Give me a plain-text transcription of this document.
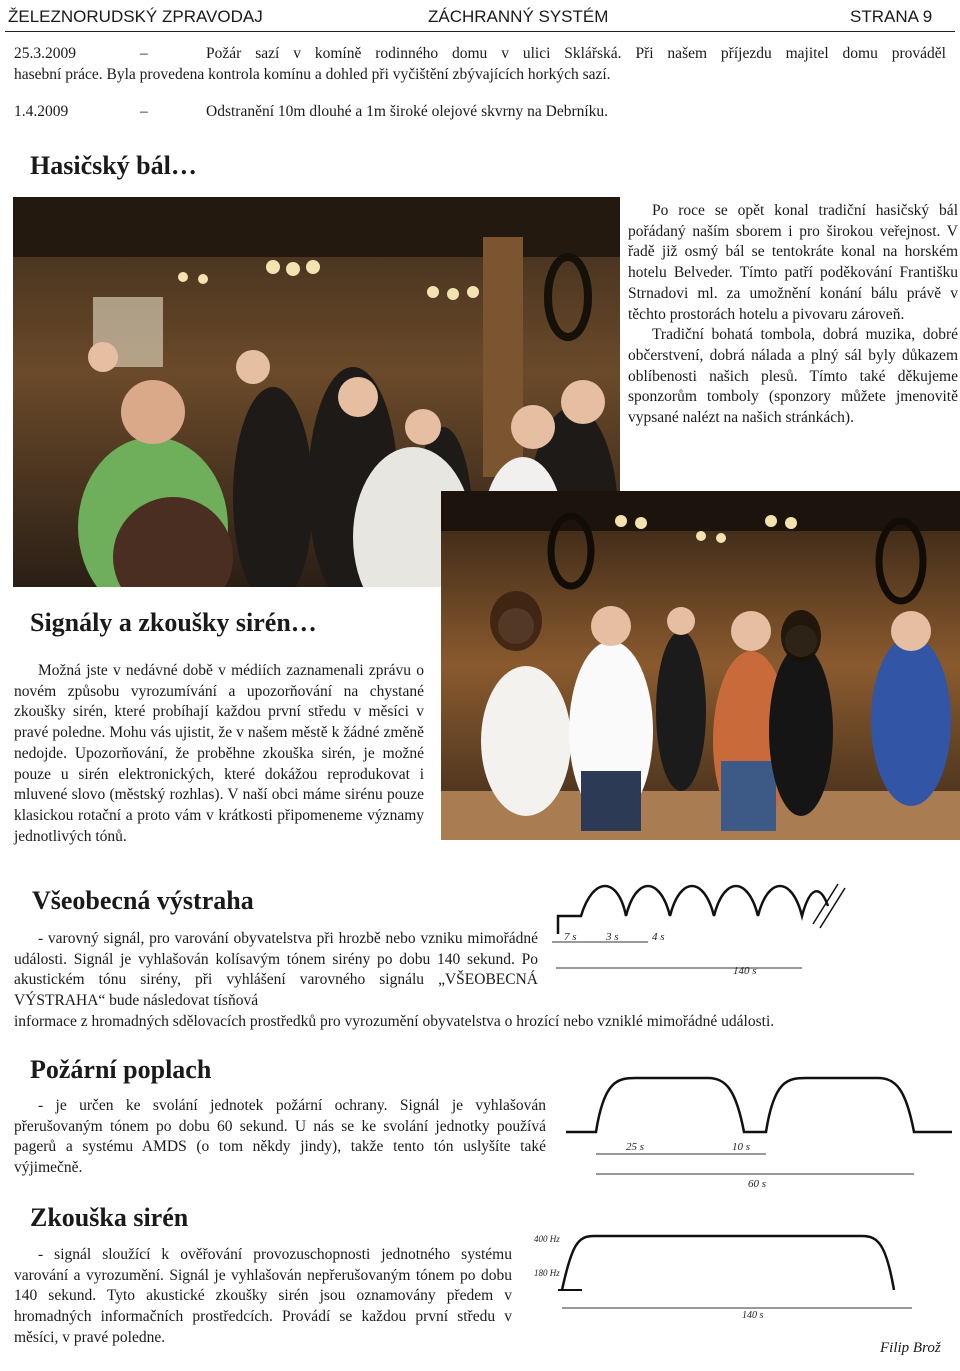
ŽELEZNORUDSKÝ ZPRAVODAJ	ZÁCHRANNÝ SYSTÉM	STRANA 9
25.3.2009	–	Požár sazí v komíně rodinného domu v ulici Sklářská. Při našem příjezdu majitel domu prováděl
hasební práce. Byla provedena kontrola komínu a dohled při vyčištění zbývajících horkých sazí.
1.4.2009	–	Odstranění 10m dlouhé a 1m široké olejové skvrny na Debrníku.
Hasičský bál…

Po roce se opět konal tradiční hasičský bál pořádaný naším sborem i pro širokou veřejnost. V řadě již osmý bál se tentokráte konal na horském hotelu Belveder. Tímto patří poděkování Františku Strnadovi ml. za umožnění konání bálu právě v těchto prostorách hotelu a pivovaru zároveň.

Tradiční bohatá tombola, dobrá muzika, dobré občerstvení, dobrá nálada a plný sál byly důkazem oblíbenosti našich plesů. Tímto také děkujeme sponzorům tomboly (sponzory můžete jmenovitě vypsané nalézt na našich stránkách).

Signály a zkoušky sirén…
Možná jste v nedávné době v médiích zaznamenali zprávu o novém způsobu vyrozumívání a upozorňování na chystané zkoušky sirén, které probíhají každou první středu v měsíci v pravé poledne. Mohu vás ujistit, že v našem městě k žádné změně nedojde. Upozorňování, že proběhne zkouška sirén, je možné pouze u sirén elektronických, které dokážou reprodukovat i mluvené slovo (městský rozhlas). V naší obci máme sirénu pouze klasickou rotační a proto vám v krátkosti připomeneme významy jednotlivých tónů.
Všeobecná výstraha
- varovný signál, pro varování obyvatelstva při hrozbě nebo vzniku mimořádné události. Signál je vyhlašován kolísavým tónem sirény po dobu 140 sekund. Po akustickém tónu sirény, při vyhlášení varovného signálu „VŠEOBECNÁ VÝSTRAHA“ bude následovat tísňová
informace z hromadných sdělovacích prostředků pro vyrozumění obyvatelstva o hrozící nebo vzniklé mimořádné události.
7 s	3 s	4 s
140 s
Požární poplach
- je určen ke svolání jednotek požární ochrany. Signál je vyhlašován přerušovaným tónem po dobu 60 sekund. U nás se ke svolání jednotky používá pagerů a systému AMDS (o tom někdy jindy), takže tento tón uslyšíte také výjimečně.
25 s	10 s
60 s
Zkouška sirén
- signál sloužící k ověřování provozuschopnosti jednotného systému varování a vyrozumění. Signál je vyhlašován nepřerušovaným tónem po dobu 140 sekund. Tyto akustické zkoušky sirén jsou oznamovány předem v hromadných informačních prostředcích. Provádí se každou první středu v měsíci, v pravé poledne.
400 Hz
180 Hz
140 s
Filip Brož
